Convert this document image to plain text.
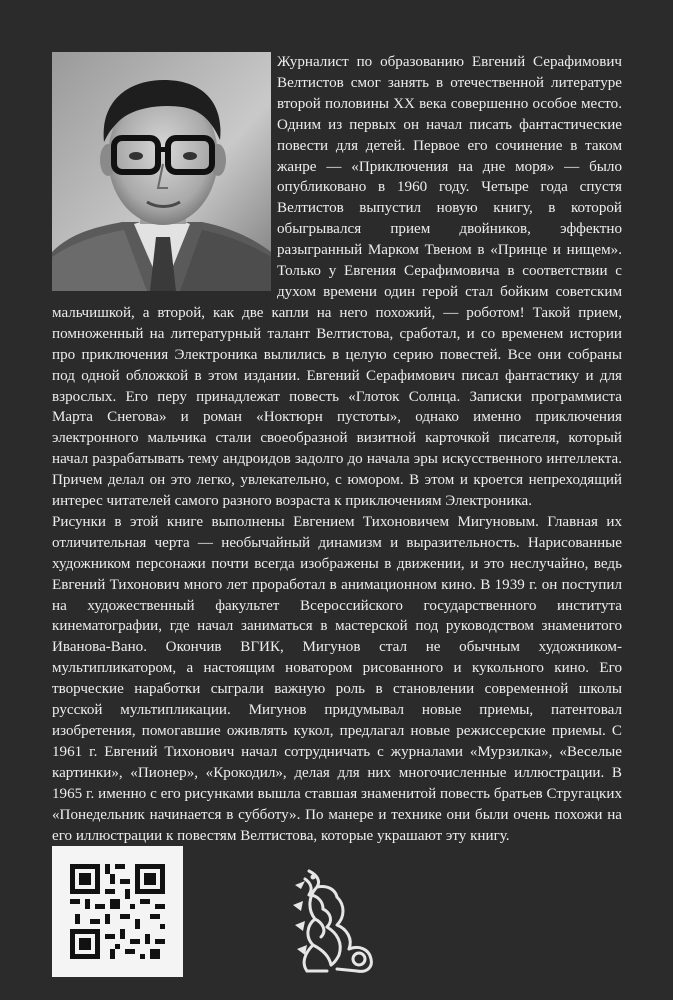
Журналист по образованию Евгений Серафимович Велтистов смог занять в отечественной литературе второй половины XX века совершенно особое место. Одним из первых он начал писать фантастические повести для детей. Первое его сочинение в таком жанре — «Приключения на дне моря» — было опубликовано в 1960 году. Четыре года спустя Велтистов выпустил новую книгу, в которой обыгрывался прием двойников, эффектно разыгранный Марком Твеном в «Принце и нищем». Только у Евгения Серафимовича в соответствии с духом времени один герой стал бойким советским мальчишкой, а второй, как две капли на него похожий, — роботом! Такой прием, помноженный на литературный талант Велтистова, сработал, и со временем истории про приключения Электроника вылились в целую серию повестей. Все они собраны под одной обложкой в этом издании. Евгений Серафимович писал фантастику и для взрослых. Его перу принадлежат повесть «Глоток Солнца. Записки программиста Марта Снегова» и роман «Ноктюрн пустоты», однако именно приключения электронного мальчика стали своеобразной визитной карточкой писателя, который начал разрабатывать тему андроидов задолго до начала эры искусственного интеллекта. Причем делал он это легко, увлекательно, с юмором. В этом и кроется непреходящий интерес читателей самого разного возраста к приключениям Электроника.

Рисунки в этой книге выполнены Евгением Тихоновичем Мигуновым. Главная их отличительная черта — необычайный динамизм и выразительность. Нарисованные художником персонажи почти всегда изображены в движении, и это неслучайно, ведь Евгений Тихонович много лет проработал в анимационном кино. В 1939 г. он поступил на художественный факультет Всероссийского государственного института кинематографии, где начал заниматься в мастерской под руководством знаменитого Иванова-Вано. Окончив ВГИК, Мигунов стал не обычным художником-мультипликатором, а настоящим новатором рисованного и кукольного кино. Его творческие наработки сыграли важную роль в становлении современной школы русской мультипликации. Мигунов придумывал новые приемы, патентовал изобретения, помогавшие оживлять кукол, предлагал новые режиссерские приемы. С 1961 г. Евгений Тихонович начал сотрудничать с журналами «Мурзилка», «Веселые картинки», «Пионер», «Крокодил», делая для них многочисленные иллюстрации. В 1965 г. именно с его рисунками вышла ставшая знаменитой повесть братьев Стругацких «Понедельник начинается в субботу». По манере и технике они были очень похожи на его иллюстрации к повестям Велтистова, которые украшают эту книгу.
